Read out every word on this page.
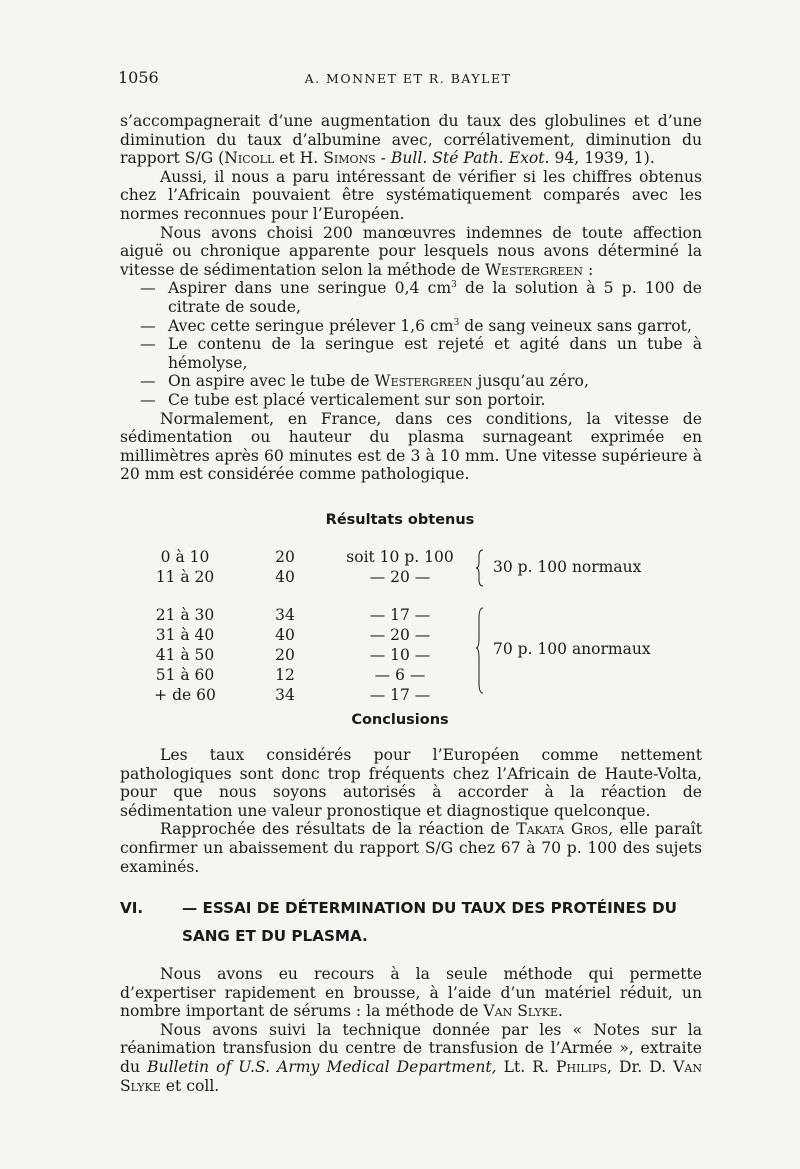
1056	A. MONNET ET R. BAYLET

s’accompagnerait d’une augmentation du taux des globulines et d’une diminution du taux d’albumine avec, corrélativement, diminution du rapport S/G (Nicoll et H. Simons - Bull. Sté Path. Exot. 94, 1939, 1).

Aussi, il nous a paru intéressant de vérifier si les chiffres obtenus chez l’Africain pouvaient être systématiquement comparés avec les normes reconnues pour l’Européen.

Nous avons choisi 200 manœuvres indemnes de toute affection aiguë ou chronique apparente pour lesquels nous avons déterminé la vitesse de sédimentation selon la méthode de Westergreen :

— Aspirer dans une seringue 0,4 $cm^3$ de la solution à 5 p. 100 de citrate de soude,
— Avec cette seringue prélever 1,6 $cm^3$ de sang veineux sans garrot,
— Le contenu de la seringue est rejeté et agité dans un tube à hémolyse,
— On aspire avec le tube de Westergreen jusqu’au zéro,
— Ce tube est placé verticalement sur son portoir.

Normalement, en France, dans ces conditions, la vitesse de sédimentation ou hauteur du plasma surnageant exprimée en millimètres après 60 minutes est de 3 à 10 mm. Une vitesse supérieure à 20 mm est considérée comme pathologique.

Résultats obtenus
0 à 10	20	soit 10 p. 100
11 à 20	40	— 20 —
21 à 30	34	— 17 —
31 à 40	40	— 20 —
41 à 50	20	— 10 —
51 à 60	12	— 6 —
+ de 60	34	— 17 —
30 p. 100 normaux
70 p. 100 anormaux
Conclusions

Les taux considérés pour l’Européen comme nettement pathologiques sont donc trop fréquents chez l’Africain de Haute-Volta, pour que nous soyons autorisés à accorder à la réaction de sédimentation une valeur pronostique et diagnostique quelconque.

Rapprochée des résultats de la réaction de Takata Gros, elle paraît confirmer un abaissement du rapport S/G chez 67 à 70 p. 100 des sujets examinés.

VI.	— ESSAI DE DÉTERMINATION DU TAUX DES PROTÉINES DU SANG ET DU PLASMA.

Nous avons eu recours à la seule méthode qui permette d’expertiser rapidement en brousse, à l’aide d’un matériel réduit, un nombre important de sérums : la méthode de Van Slyke.

Nous avons suivi la technique donnée par les « Notes sur la réanimation transfusion du centre de transfusion de l’Armée », extraite du Bulletin of U.S. Army Medical Department, Lt. R. Philips, Dr. D. Van Slyke et coll.
